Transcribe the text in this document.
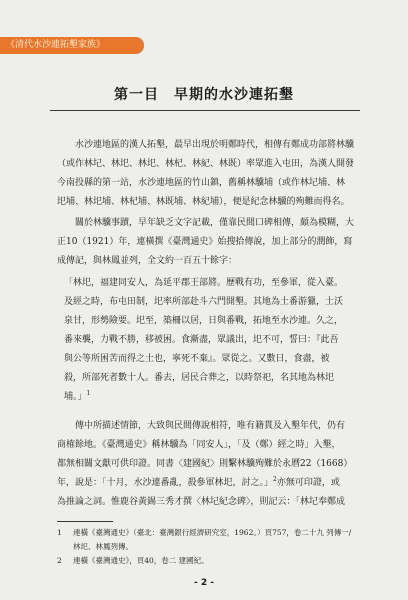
《清代水沙連拓墾家族》
第一目　早期的水沙連拓墾
水沙連地區的漢人拓墾，最早出現於明鄭時代，相傳有鄭成功部將林驥
（或作林圮、林圯、林圯、林杞、林紀、林既）率眾進入屯田，為漢人開發
今南投縣的第一站，水沙連地區的竹山鎮，舊稱林驥埔（或作林圮埔、林
圯埔、林圯埔、林杞埔、林既埔、林紀埔），便是紀念林驥的殉難而得名。
關於林驥事蹟，早年缺乏文字記載，僅靠民間口碑相傳，頗為模糊，大
正10（1921）年，連橫撰《臺灣通史》始搜拾傳說，加上部分的潤飾，寫
成傳記，與林鳳並列，全文約一百五十餘字：
「林圯，福建同安人，為延平郡王部將。歷戰有功，至參軍，從入臺。
及經之時，布屯田制，圯率所部赴斗六門開墾。其地為土番游獵，土沃
泉甘，形勢險要。圯至，築柵以居，日與番戰，拓地至水沙連。久之，
番來襲，力戰不勝，移被困。食漸盡，眾議出，圯不可，誓曰：『此吾
與公等所困苦而得之土也，寧死不棄』。眾從之。又數日，食盡，被
殺，所部死者數十人。番去，居民合葬之，以時祭祀，名其地為林圯
埔。」$^1$
傳中所描述情節，大致與民間傳說相符，唯有籍貫及入墾年代，仍有
商榷餘地。《臺灣通史》稱林驥為「同安人」，「及（鄭）經之時」入墾，
都無相關文獻可供印證。同書〈建國紀〉則繫林驥殉難於永曆22（1668）
年，說是：「十月，水沙連番亂，殺參軍林圯，討之。」$^2$亦無可印證，或
為推論之詞。惟鹿谷黃錫三秀才撰〈林圮紀念碑〉，則記云：「林圮奉鄭成
1 連橫《臺灣通史》（臺北：臺灣銀行經濟研究室，1962。）頁757，卷二十九 列傳一/
林圯、林鳳列傳。
2 連橫《臺灣通史》，頁40，卷二 建國紀。
- 2 -
